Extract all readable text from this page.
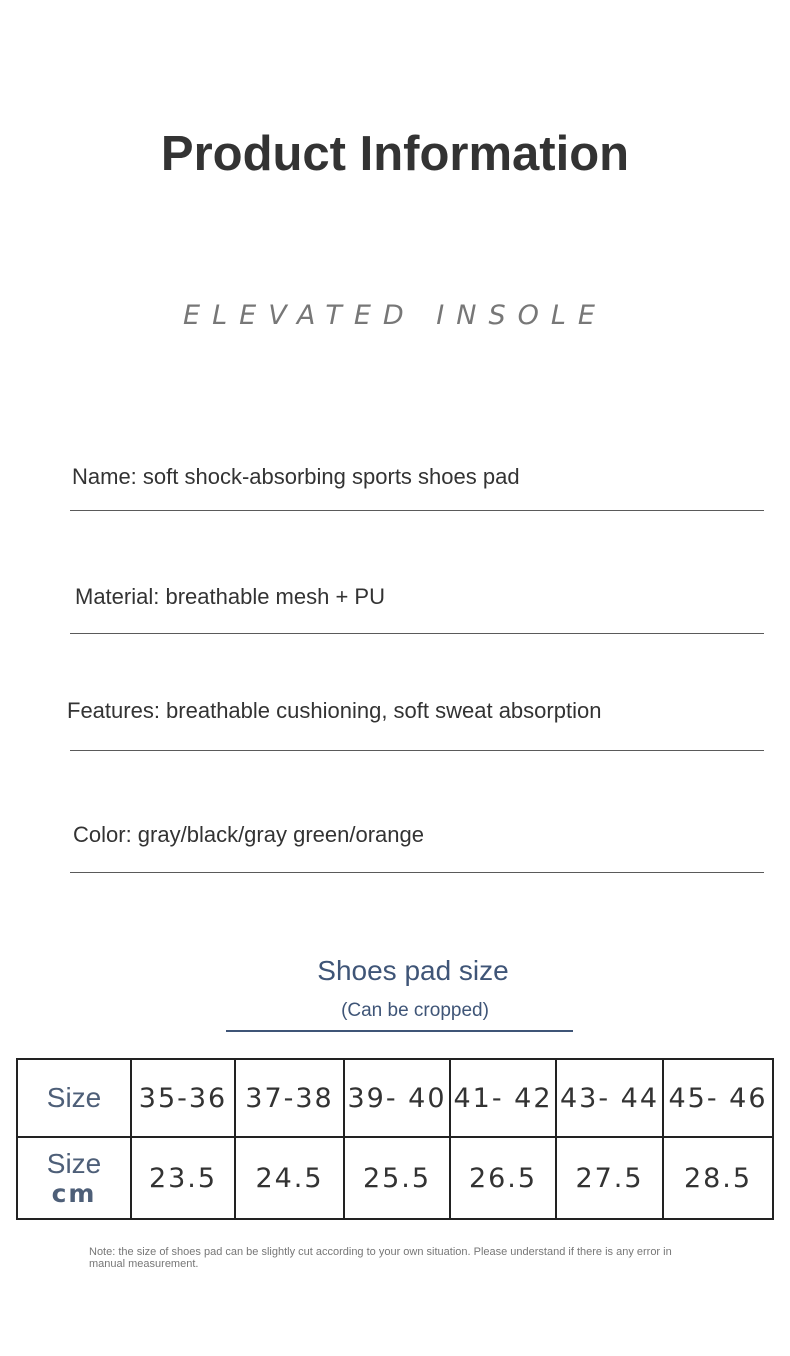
Product Information
ELEVATED INSOLE
Name: soft shock-absorbing sports shoes pad
Material: breathable mesh + PU
Features: breathable cushioning, soft sweat absorption
Color: gray/black/gray green/orange
Shoes pad size
(Can be cropped)
Size	35-36	37-38	39- 40	41- 42	43- 44	45- 46

Size
cm	23.5	24.5	25.5	26.5	27.5	28.5
Note: the size of shoes pad can be slightly cut according to your own situation. Please understand if there is any error in manual measurement.
